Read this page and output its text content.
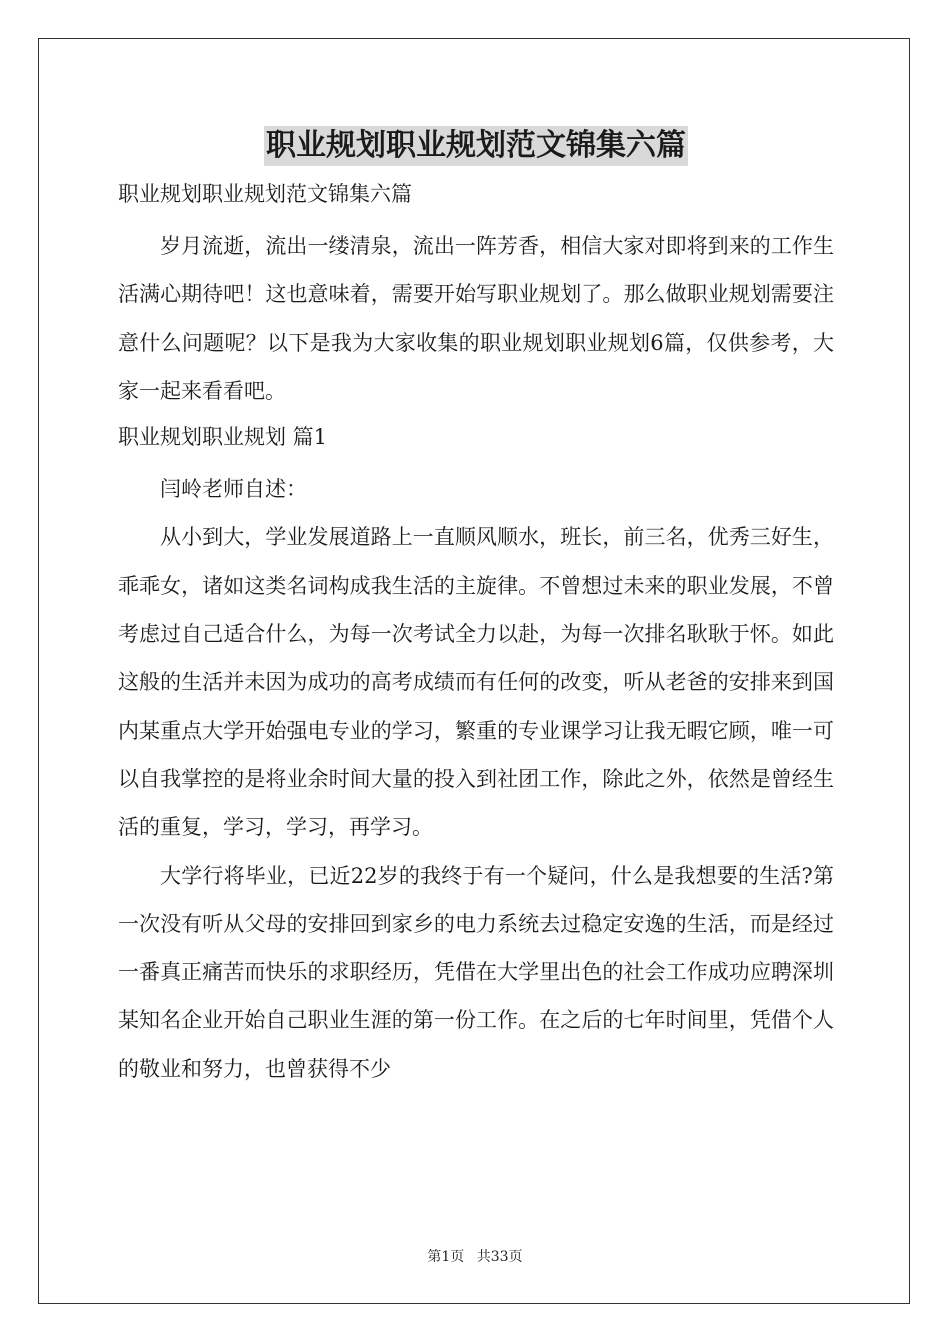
职业规划职业规划范文锦集六篇
职业规划职业规划范文锦集六篇

岁月流逝，流出一缕清泉，流出一阵芳香，相信大家对即将到来的工作生活满心期待吧！这也意味着，需要开始写职业规划了。那么做职业规划需要注意什么问题呢？以下是我为大家收集的职业规划职业规划6篇，仅供参考，大家一起来看看吧。

职业规划职业规划 篇1

闫岭老师自述：

从小到大，学业发展道路上一直顺风顺水，班长，前三名，优秀三好生，乖乖女，诸如这类名词构成我生活的主旋律。不曾想过未来的职业发展，不曾考虑过自己适合什么，为每一次考试全力以赴，为每一次排名耿耿于怀。如此这般的生活并未因为成功的高考成绩而有任何的改变，听从老爸的安排来到国内某重点大学开始强电专业的学习，繁重的专业课学习让我无暇它顾，唯一可以自我掌控的是将业余时间大量的投入到社团工作，除此之外，依然是曾经生活的重复，学习，学习，再学习。

大学行将毕业，已近22岁的我终于有一个疑问，什么是我想要的生活?第一次没有听从父母的安排回到家乡的电力系统去过稳定安逸的生活，而是经过一番真正痛苦而快乐的求职经历，凭借在大学里出色的社会工作成功应聘深圳某知名企业开始自己职业生涯的第一份工作。在之后的七年时间里，凭借个人的敬业和努力，也曾获得不少

第1页 共33页
